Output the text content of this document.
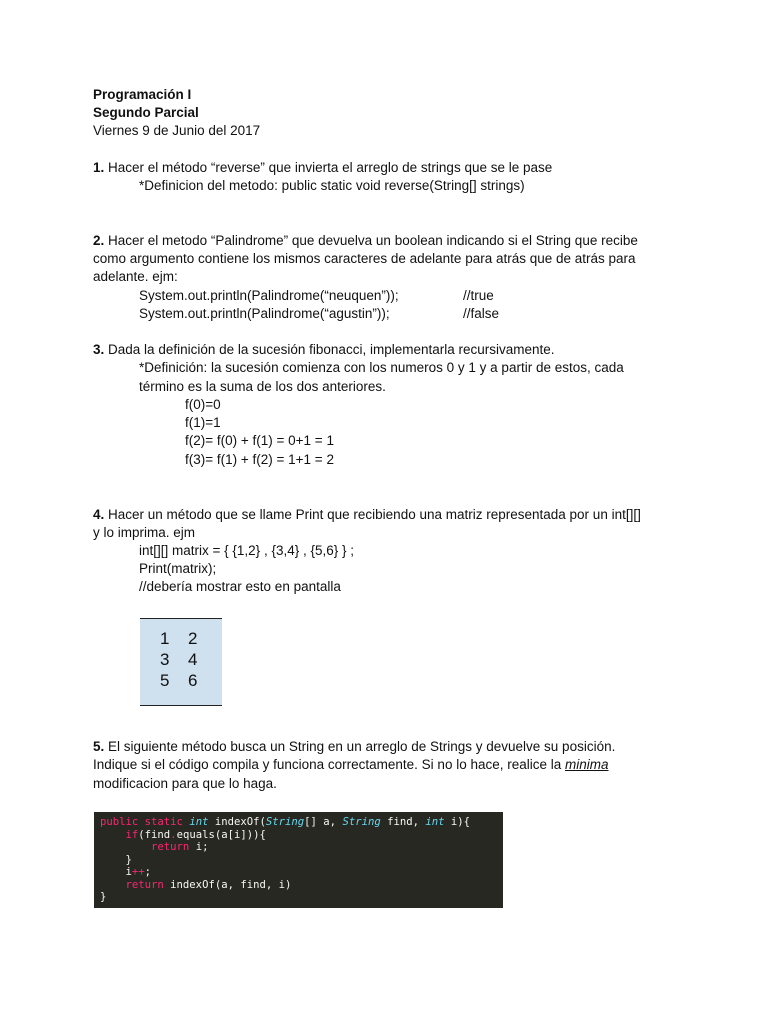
Programación I
Segundo Parcial
Viernes 9 de Junio del 2017
1. Hacer el método “reverse” que invierta el arreglo de strings que se le pase
*Definicion del metodo: public static void reverse(String[] strings)
2. Hacer el metodo “Palindrome” que devuelva un boolean indicando si el String que recibe
como argumento contiene los mismos caracteres de adelante para atrás que de atrás para
adelante. ejm:
System.out.println(Palindrome(“neuquen”));	//true
System.out.println(Palindrome(“agustin”));	//false
3. Dada la definición de la sucesión fibonacci, implementarla recursivamente.
*Definición: la sucesión comienza con los numeros 0 y 1 y a partir de estos, cada
término es la suma de los dos anteriores.
f(0)=0
f(1)=1
f(2)= f(0) + f(1) = 0+1 = 1
f(3)= f(1) + f(2) = 1+1 = 2
4. Hacer un método que se llame Print que recibiendo una matriz representada por un int[][]
y lo imprima. ejm
int[][] matrix = { {1,2} , {3,4} , {5,6} } ;
Print(matrix);
//debería mostrar esto en pantalla
1 2
3 4
5 6
5. El siguiente método busca un String en un arreglo de Strings y devuelve su posición.
Indique si el código compila y funciona correctamente. Si no lo hace, realice la minima
modificacion para que lo haga.
public static int indexOf(String[] a, String find, int i){
if(find.equals(a[i])){
return i;
}
i++;
return indexOf(a, find, i)
}
